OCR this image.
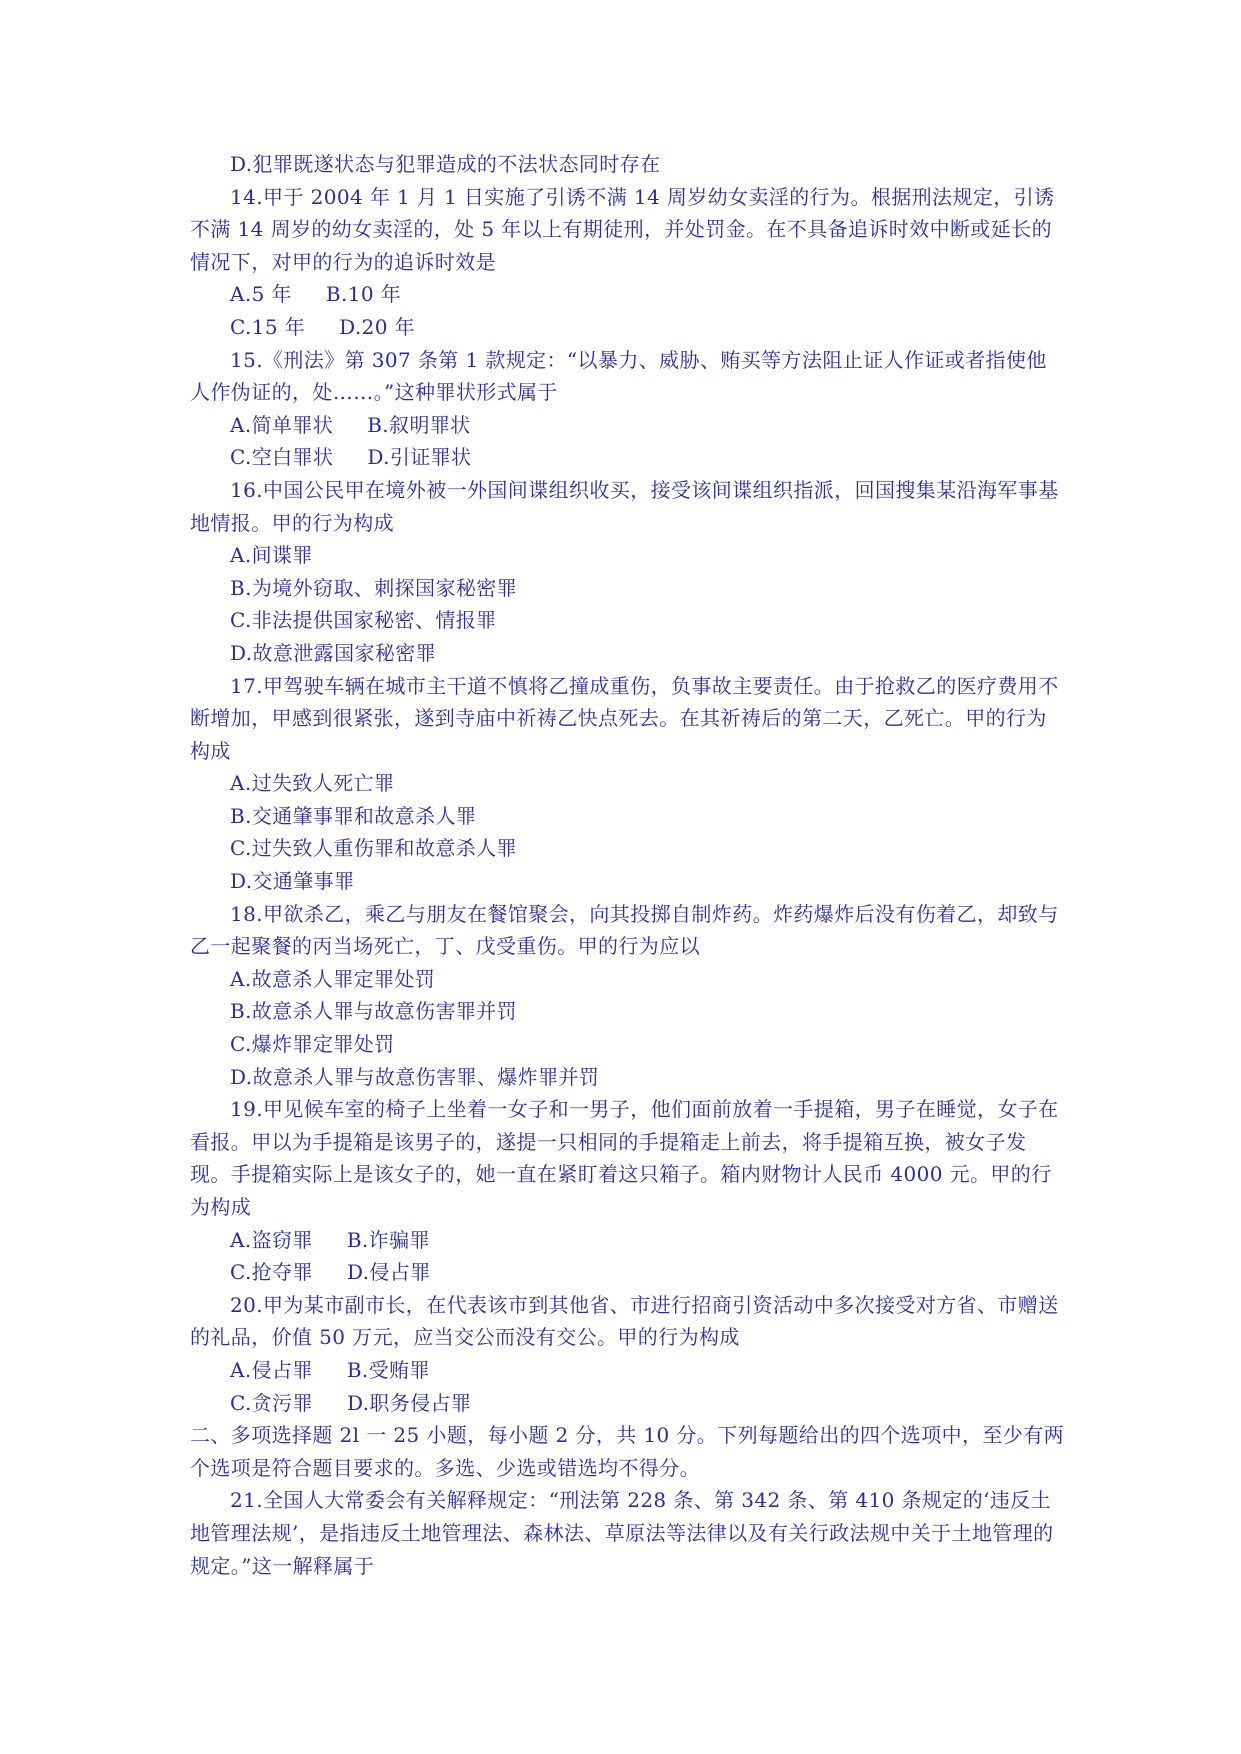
D.犯罪既遂状态与犯罪造成的不法状态同时存在

14.甲于 2004 年 1 月 1 日实施了引诱不满 14 周岁幼女卖淫的行为。根据刑法规定，引诱不满 14 周岁的幼女卖淫的，处 5 年以上有期徒刑，并处罚金。在不具备追诉时效中断或延长的情况下，对甲的行为的追诉时效是

A.5 年 B.10 年

C.15 年 D.20 年

15.《刑法》第 307 条第 1 款规定：“以暴力、威胁、贿买等方法阻止证人作证或者指使他人作伪证的，处……。”这种罪状形式属于

A.简单罪状 B.叙明罪状

C.空白罪状 D.引证罪状

16.中国公民甲在境外被一外国间谍组织收买，接受该间谍组织指派，回国搜集某沿海军事基地情报。甲的行为构成

A.间谍罪

B.为境外窃取、刺探国家秘密罪

C.非法提供国家秘密、情报罪

D.故意泄露国家秘密罪

17.甲驾驶车辆在城市主干道不慎将乙撞成重伤，负事故主要责任。由于抢救乙的医疗费用不断增加，甲感到很紧张，遂到寺庙中祈祷乙快点死去。在其祈祷后的第二天，乙死亡。甲的行为构成

A.过失致人死亡罪

B.交通肇事罪和故意杀人罪

C.过失致人重伤罪和故意杀人罪

D.交通肇事罪

18.甲欲杀乙，乘乙与朋友在餐馆聚会，向其投掷自制炸药。炸药爆炸后没有伤着乙，却致与乙一起聚餐的丙当场死亡，丁、戊受重伤。甲的行为应以

A.故意杀人罪定罪处罚

B.故意杀人罪与故意伤害罪并罚

C.爆炸罪定罪处罚

D.故意杀人罪与故意伤害罪、爆炸罪并罚

19.甲见候车室的椅子上坐着一女子和一男子，他们面前放着一手提箱，男子在睡觉，女子在看报。甲以为手提箱是该男子的，遂提一只相同的手提箱走上前去，将手提箱互换，被女子发现。手提箱实际上是该女子的，她一直在紧盯着这只箱子。箱内财物计人民币 4000 元。甲的行为构成

A.盗窃罪 B.诈骗罪

C.抢夺罪 D.侵占罪

20.甲为某市副市长，在代表该市到其他省、市进行招商引资活动中多次接受对方省、市赠送的礼品，价值 50 万元，应当交公而没有交公。甲的行为构成

A.侵占罪 B.受贿罪

C.贪污罪 D.职务侵占罪

二、多项选择题 2l 一 25 小题，每小题 2 分，共 10 分。下列每题给出的四个选项中，至少有两个选项是符合题目要求的。多选、少选或错选均不得分。

21.全国人大常委会有关解释规定：“刑法第 228 条、第 342 条、第 410 条规定的‘违反土地管理法规’，是指违反土地管理法、森林法、草原法等法律以及有关行政法规中关于土地管理的规定。”这一解释属于
